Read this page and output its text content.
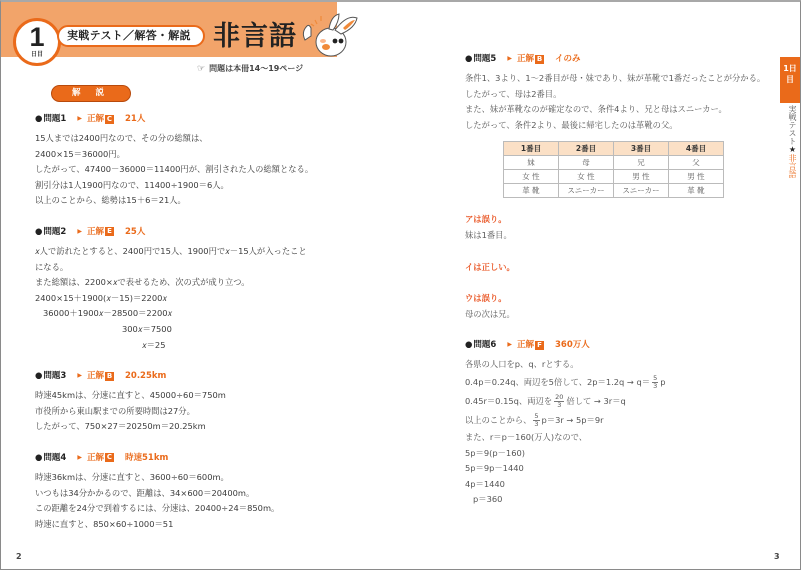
1
日目
実戦テスト／解答・解説 非言語
☞ 問題は本冊14〜19ページ
解 説
● 問題1 ▶ 正解 C 21人
15人までは2400円なので、その分の総額は、
2400×15＝36000円。
したがって、47400－36000＝11400円が、割引された人の総額となる。
割引分は1人1900円なので、11400÷1900＝6人。
以上のことから、総勢は15＋6＝21人。
● 問題2 ▶ 正解 E 25人
𝑥人で訪れたとすると、2400円で15人、1900円で𝑥－15人が入ったこと
になる。
また総額は、2200×𝑥で表せるため、次の式が成り立つ。
2400×15＋1900(𝑥－15)＝2200𝑥
36000＋1900𝑥－28500＝2200𝑥
300𝑥＝7500
𝑥＝25
● 問題3 ▶ 正解 B 20.25km
時速45kmは、分速に直すと、45000÷60＝750m
市役所から東山駅までの所要時間は27分。
したがって、750×27＝20250m＝20.25km
● 問題4 ▶ 正解 C 時速51km
時速36kmは、分速に直すと、3600÷60＝600m。
いつもは34分かかるので、距離は、34×600＝20400m。
この距離を24分で到着するには、分速は、20400÷24＝850m。
時速に直すと、850×60÷1000＝51
● 問題5 ▶ 正解 B イのみ
条件1、3より、1〜2番目が母・妹であり、妹が革靴で1番だったことが分かる。
したがって、母は2番目。
また、妹が革靴なのが確定なので、条件4より、兄と母はスニーカー。
したがって、条件2より、最後に帰宅したのは革靴の父。
1番目	2番目	3番目	4番目
妹	母	兄	父
女 性	女 性	男 性	男 性
革 靴	スニーカー	スニーカー	革 靴
アは誤り。
妹は1番目。
イは正しい。
ウは誤り。
母の次は兄。
● 問題6 ▶ 正解 F 360万人
各県の人口をp、q、rとする。
0.4p＝0.24q、両辺を5倍して、$2p=1.2q \to q= \frac{5}{3}$ p
0.45r＝0.15q、両辺を $\frac{20}{3}$ 倍して → 3r＝q
以上のことから、 $\frac{5}{3} p=3r \to 5p=9r$
また、r＝p－160(万人)なので、
5p＝9(p－160)
5p＝9p－1440
4p＝1440
p＝360
1日目
実戦テスト★非言語
2	3
